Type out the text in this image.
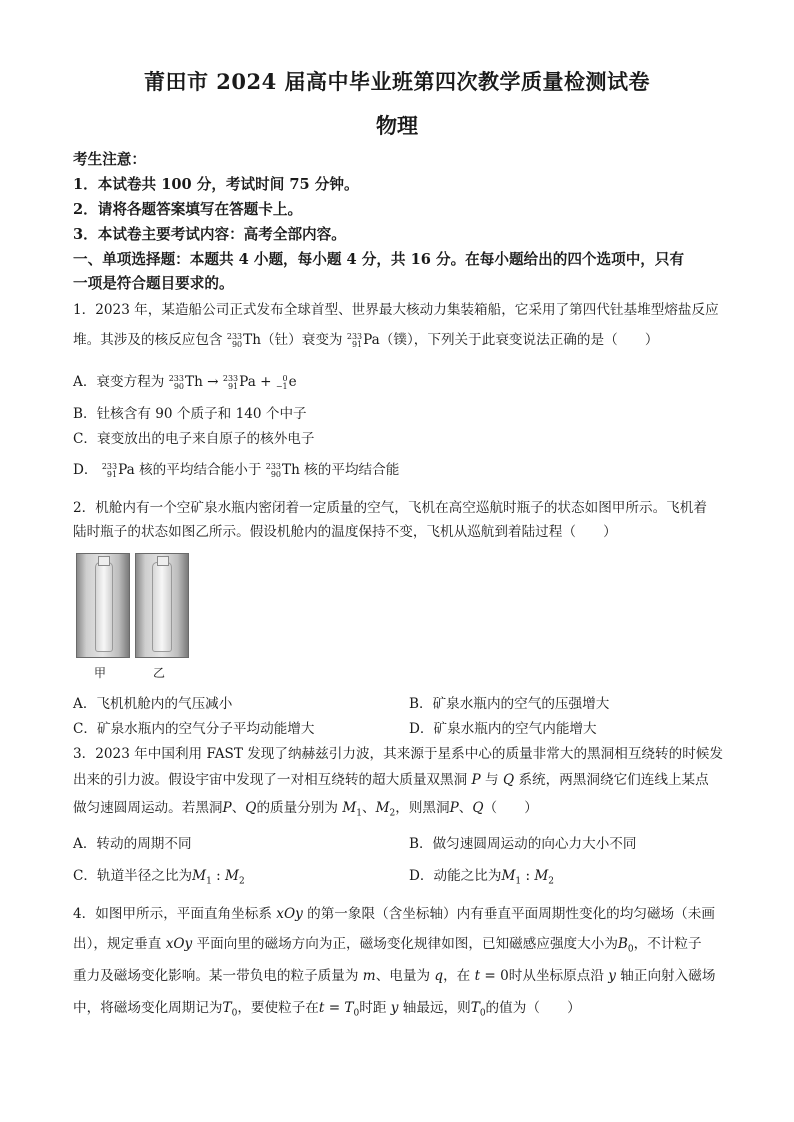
莆田市 2024 届高中毕业班第四次教学质量检测试卷
物理
考生注意：
1．本试卷共 100 分，考试时间 75 分钟。
2．请将各题答案填写在答题卡上。
3．本试卷主要考试内容：高考全部内容。
一、单项选择题：本题共 4 小题，每小题 4 分，共 16 分。在每小题给出的四个选项中，只有
一项是符合题目要求的。
1．2023 年，某造船公司正式发布全球首型、世界最大核动力集装箱船，它采用了第四代钍基堆型熔盐反应
堆。其涉及的核反应包含 233
90 Th（钍）衰变为 233
91 Pa（镤），下列关于此衰变说法正确的是（　　）
A．衰变方程为 233
90 Th → 233
91 Pa +	0
−1 e
B．钍核含有 90 个质子和 140 个中子
C．衰变放出的电子来自原子的核外电子
D． 233
91 Pa 核的平均结合能小于 233
90 Th 核的平均结合能
2．机舱内有一个空矿泉水瓶内密闭着一定质量的空气，飞机在高空巡航时瓶子的状态如图甲所示。飞机着
陆时瓶子的状态如图乙所示。假设机舱内的温度保持不变，飞机从巡航到着陆过程（　　）
甲	乙
A．飞机机舱内的气压减小	B．矿泉水瓶内的空气的压强增大
C．矿泉水瓶内的空气分子平均动能增大	D．矿泉水瓶内的空气内能增大
3．2023 年中国利用 FAST 发现了纳赫兹引力波，其来源于星系中心的质量非常大的黑洞相互绕转的时候发
出来的引力波。假设宇宙中发现了一对相互绕转的超大质量双黑洞 P 与 Q 系统，两黑洞绕它们连线上某点
做匀速圆周运动。若黑洞P、Q的质量分别为 $M_1$、$M_2$，则黑洞P、Q（　　）
A．转动的周期不同	B．做匀速圆周运动的向心力大小不同
C．轨道半径之比为$M_1$ : $M_2$	D．动能之比为$M_1$ : $M_2$
4．如图甲所示，平面直角坐标系 xOy 的第一象限（含坐标轴）内有垂直平面周期性变化的均匀磁场（未画
出），规定垂直 xOy 平面向里的磁场方向为正，磁场变化规律如图，已知磁感应强度大小为$B_0$，不计粒子
重力及磁场变化影响。某一带负电的粒子质量为 m、电量为 q，在 t = 0时从坐标原点沿 y 轴正向射入磁场
中，将磁场变化周期记为$T_0$，要使粒子在$t = T_0$时距 y 轴最远，则$T_0$的值为（　　）
